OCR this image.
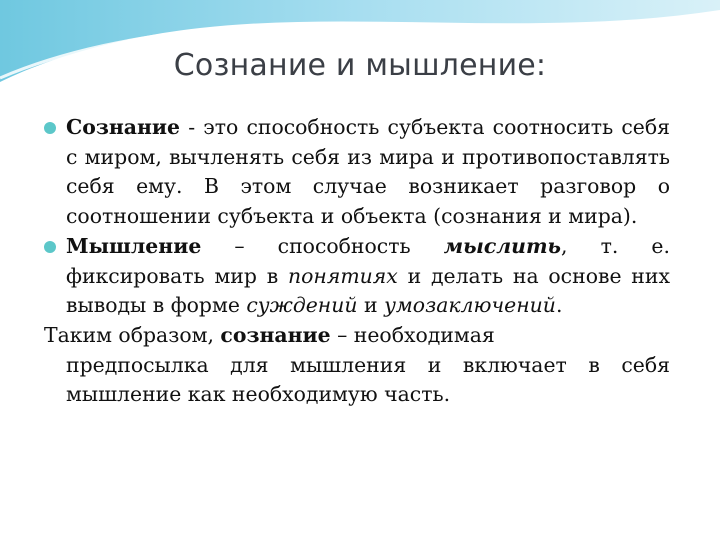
Сознание и мышление:
Сознание - это способность субъекта соотносить себя с миром, вычленять себя из мира и противопоставлять себя ему. В этом случае возникает разговор о соотношении субъекта и объекта (сознания и мира).
Мышление – способность мыслить, т. е. фиксировать мир в понятиях и делать на основе них выводы в форме суждений и умозаключений.
Таким образом, сознание – необходимая
предпосылка для мышления и включает в себя мышление как необходимую часть.
